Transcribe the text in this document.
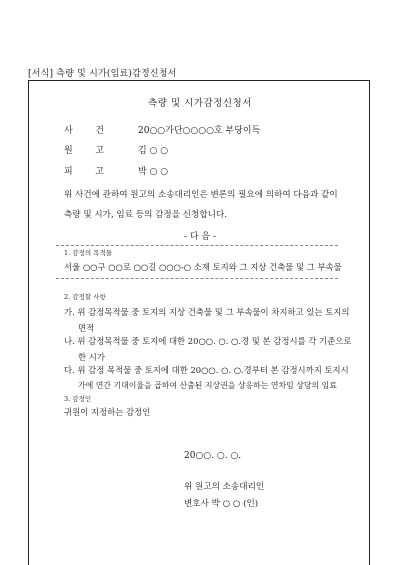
[서식] 측량 및 시가(임료)감정신청서
측량 및 시가감정신청서
사	건	20○○가단○○○○호 부당이득
원	고	김 ○ ○
피	고	박 ○ ○
위 사건에 관하여 원고의 소송대리인은 변론의 필요에 의하여 다음과 같이 측량 및 시가, 임료 등의 감정을 신청합니다.
- 다 음 -
1. 감정의 목적물
서울 ○○구 ○○로 ○○길 ○○○-○ 소재 토지와 그 지상 건축물 및 그 부속물
2. 감정할 사항
가. 위 감정목적물 중 토지의 지상 건축물 및 그 부속물이 차지하고 있는 토지의
면적
나. 위 감정목적물 중 토지에 대한 20○○. ○. ○.경 및 본 감정시를 각 기준으로
한 시가
다. 위 감정 목적물 중 토지에 대한 20○○. ○. ○.경부터 본 감정시까지 토지시
가에 연간 기대이율을 곱하여 산출된 지상권을 상응하는 연차임 상당의 임료
3. 감정인
귀원이 지정하는 감정인
20○○. ○. ○.
위 원고의 소송대리인
변호사 박 ○ ○ (인)
